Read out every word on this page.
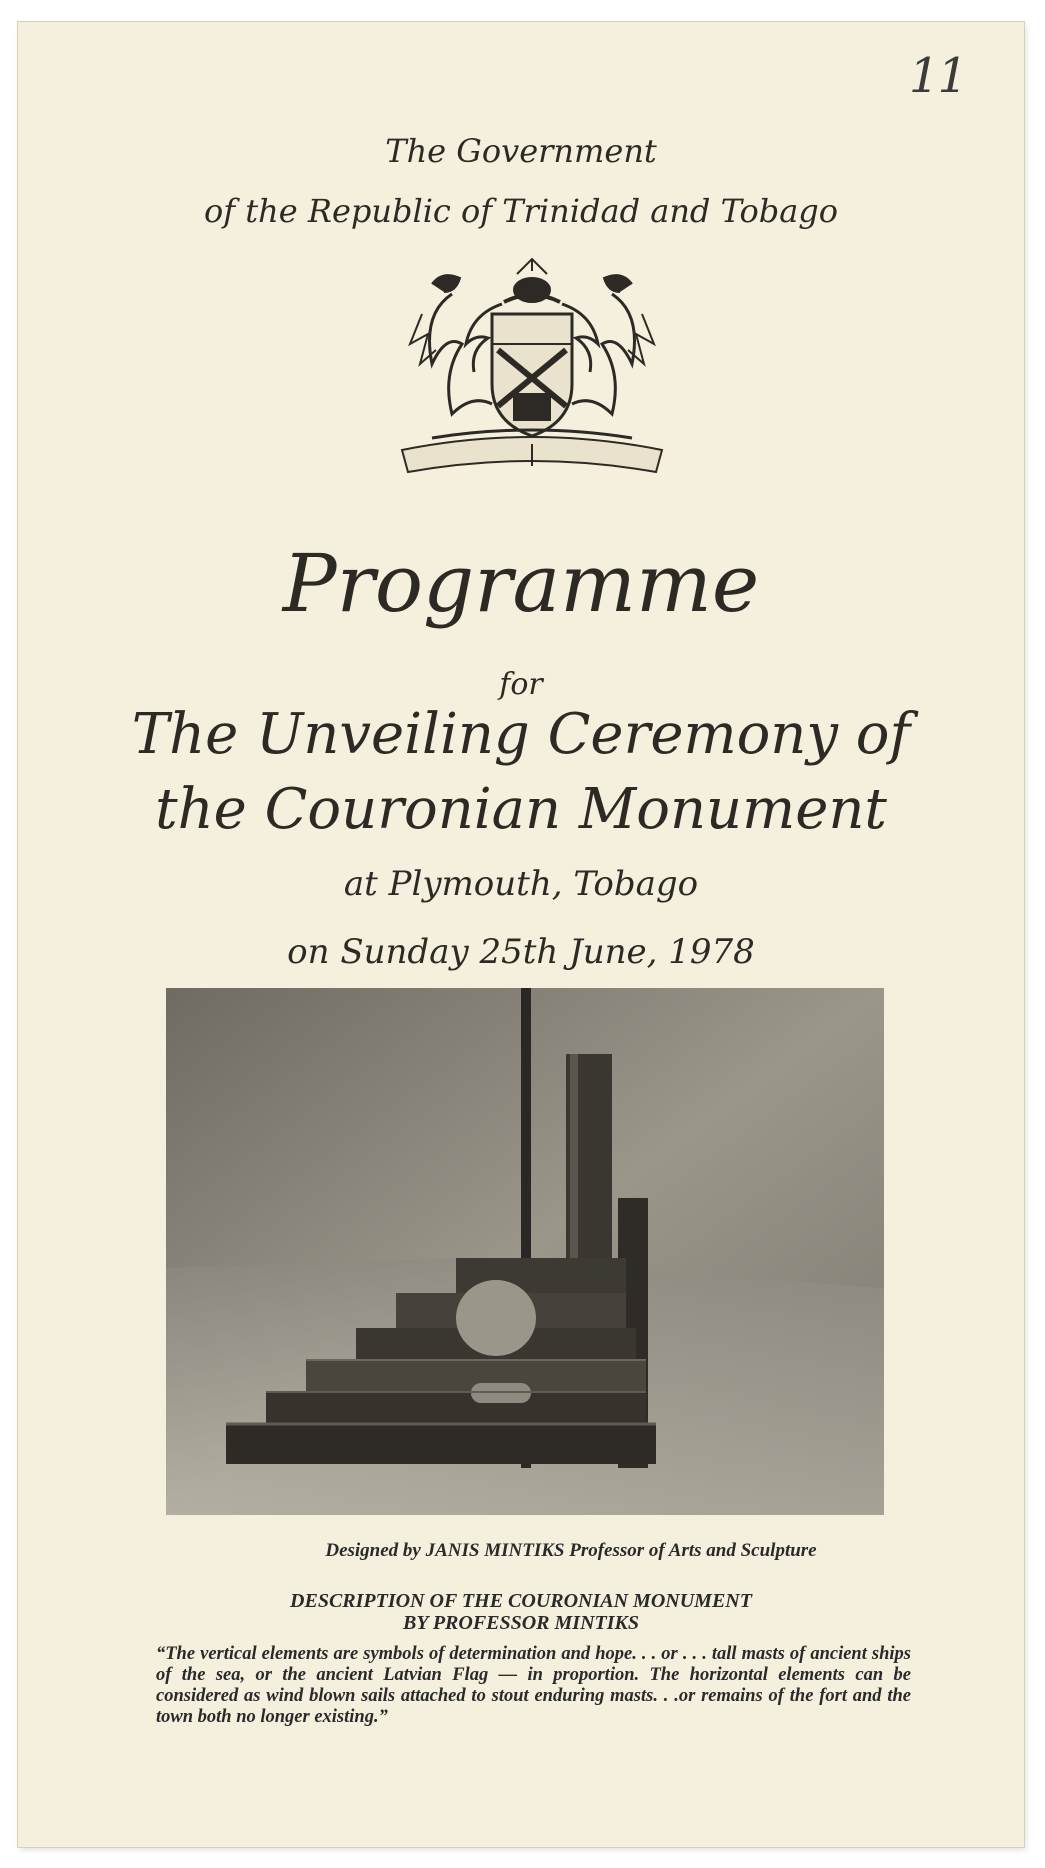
11
The Government
of the Republic of Trinidad and Tobago
Programme
for
The Unveiling Ceremony of
the Couronian Monument
at Plymouth, Tobago
on Sunday 25th June, 1978
Designed by JANIS MINTIKS Professor of Arts and Sculpture
DESCRIPTION OF THE COURONIAN MONUMENT
BY PROFESSOR MINTIKS
“The vertical elements are symbols of determination and hope. . . or . . . tall masts of ancient ships of the sea, or the ancient Latvian Flag — in proportion. The horizontal elements can be considered as wind blown sails attached to stout enduring masts. . .or remains of the fort and the town both no longer existing.”
